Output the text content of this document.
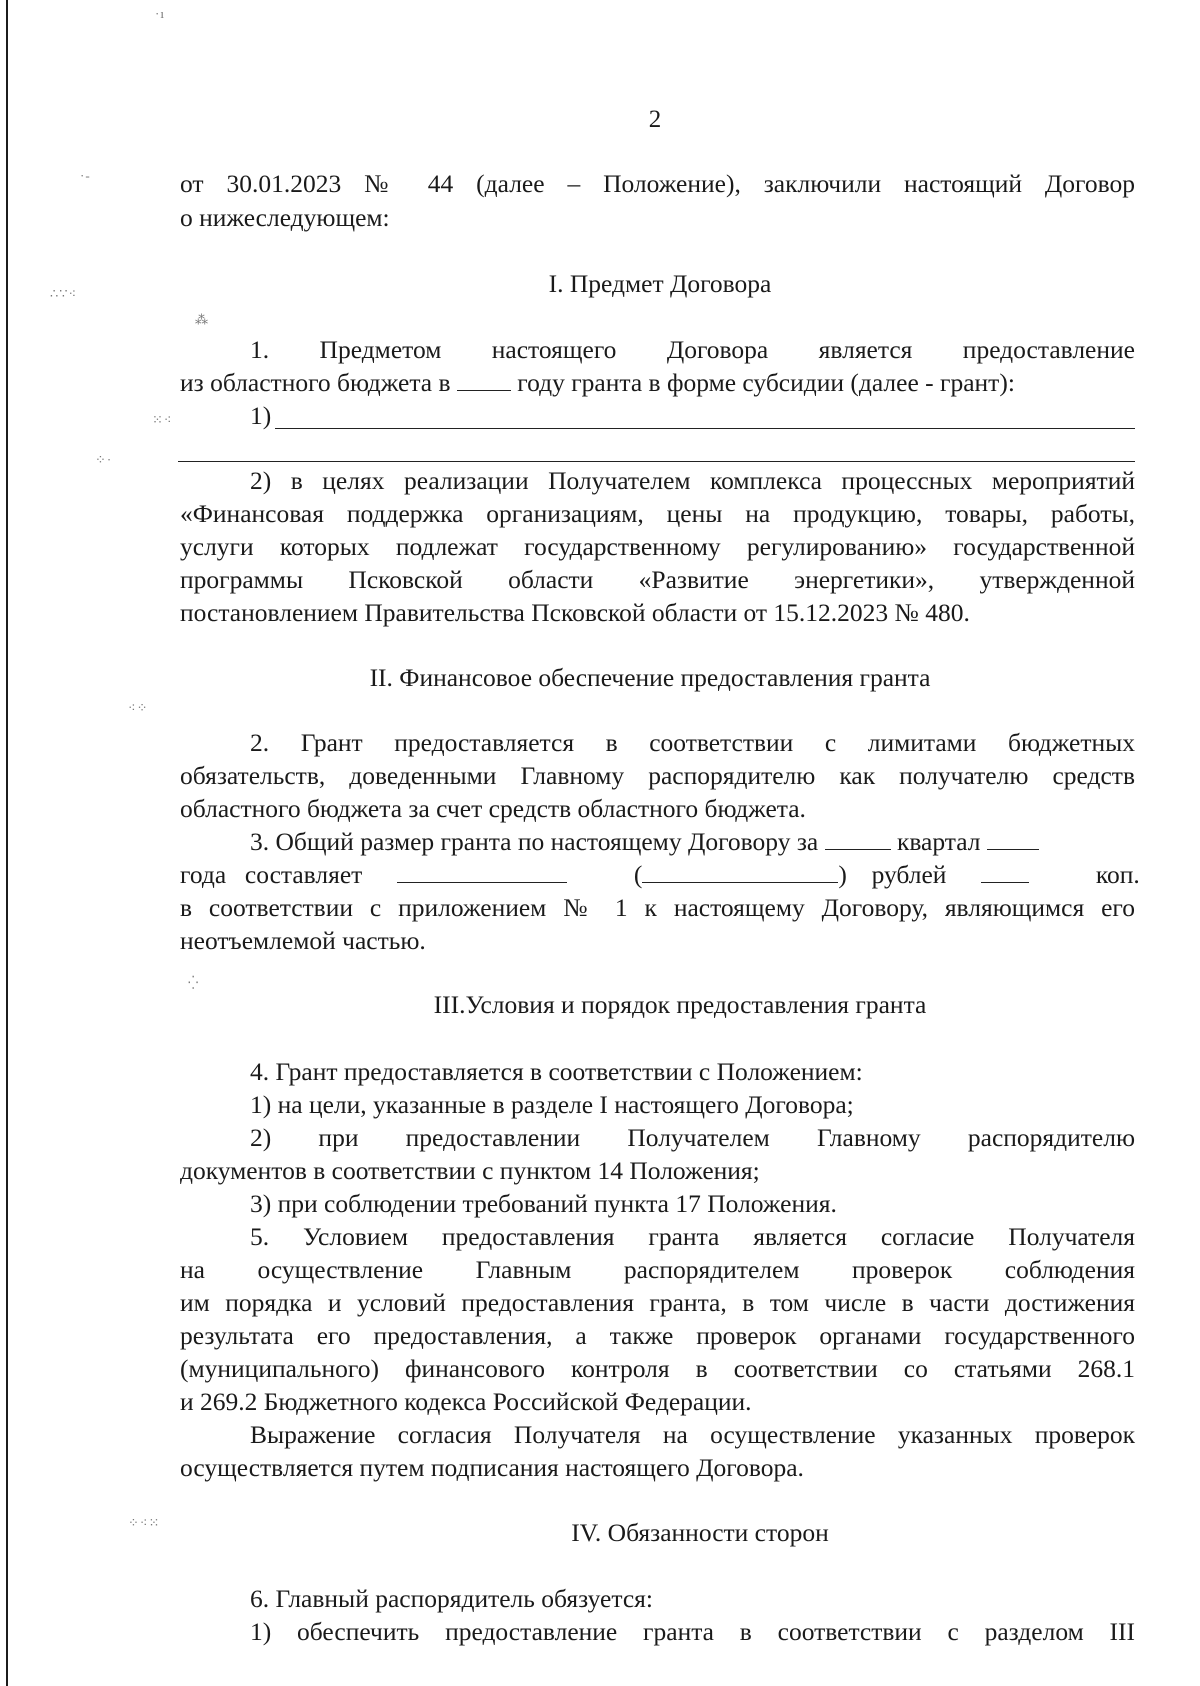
·ı
·-
∴∵⁖
⁂
⁙⁖
⁘·
⁖⁘
⁛
⁘⁖⁙
2
от 30.01.2023 № 44 (далее – Положение), заключили настоящий Договор
о нижеследующем:
I. Предмет Договора
1. Предметом настоящего Договора является предоставление
из областного бюджета в	году гранта в форме субсидии (далее - грант):
1)
2) в целях реализации Получателем комплекса процессных мероприятий
«Финансовая поддержка организациям, цены на продукцию, товары, работы,
услуги которых подлежат государственному регулированию» государственной
программы Псковской области «Развитие энергетики», утвержденной
постановлением Правительства Псковской области от 15.12.2023 № 480.
II. Финансовое обеспечение предоставления гранта
2. Грант предоставляется в соответствии с лимитами бюджетных
обязательств, доведенными Главному распорядителю как получателю средств
областного бюджета за счет средств областного бюджета.
3. Общий размер гранта по настоящему Договору за	квартал
года составляет	(	) рублей	коп.
в соответствии с приложением № 1 к настоящему Договору, являющимся его
неотъемлемой частью.
III.Условия и порядок предоставления гранта
4. Грант предоставляется в соответствии с Положением:
1) на цели, указанные в разделе I настоящего Договора;
2) при предоставлении Получателем Главному распорядителю
документов в соответствии с пунктом 14 Положения;
3) при соблюдении требований пункта 17 Положения.
5. Условием предоставления гранта является согласие Получателя
на осуществление Главным распорядителем проверок соблюдения
им порядка и условий предоставления гранта, в том числе в части достижения
результата его предоставления, а также проверок органами государственного
(муниципального) финансового контроля в соответствии со статьями 268.1
и 269.2 Бюджетного кодекса Российской Федерации.
Выражение согласия Получателя на осуществление указанных проверок
осуществляется путем подписания настоящего Договора.
IV. Обязанности сторон
6. Главный распорядитель обязуется:
1) обеспечить предоставление гранта в соответствии с разделом III
